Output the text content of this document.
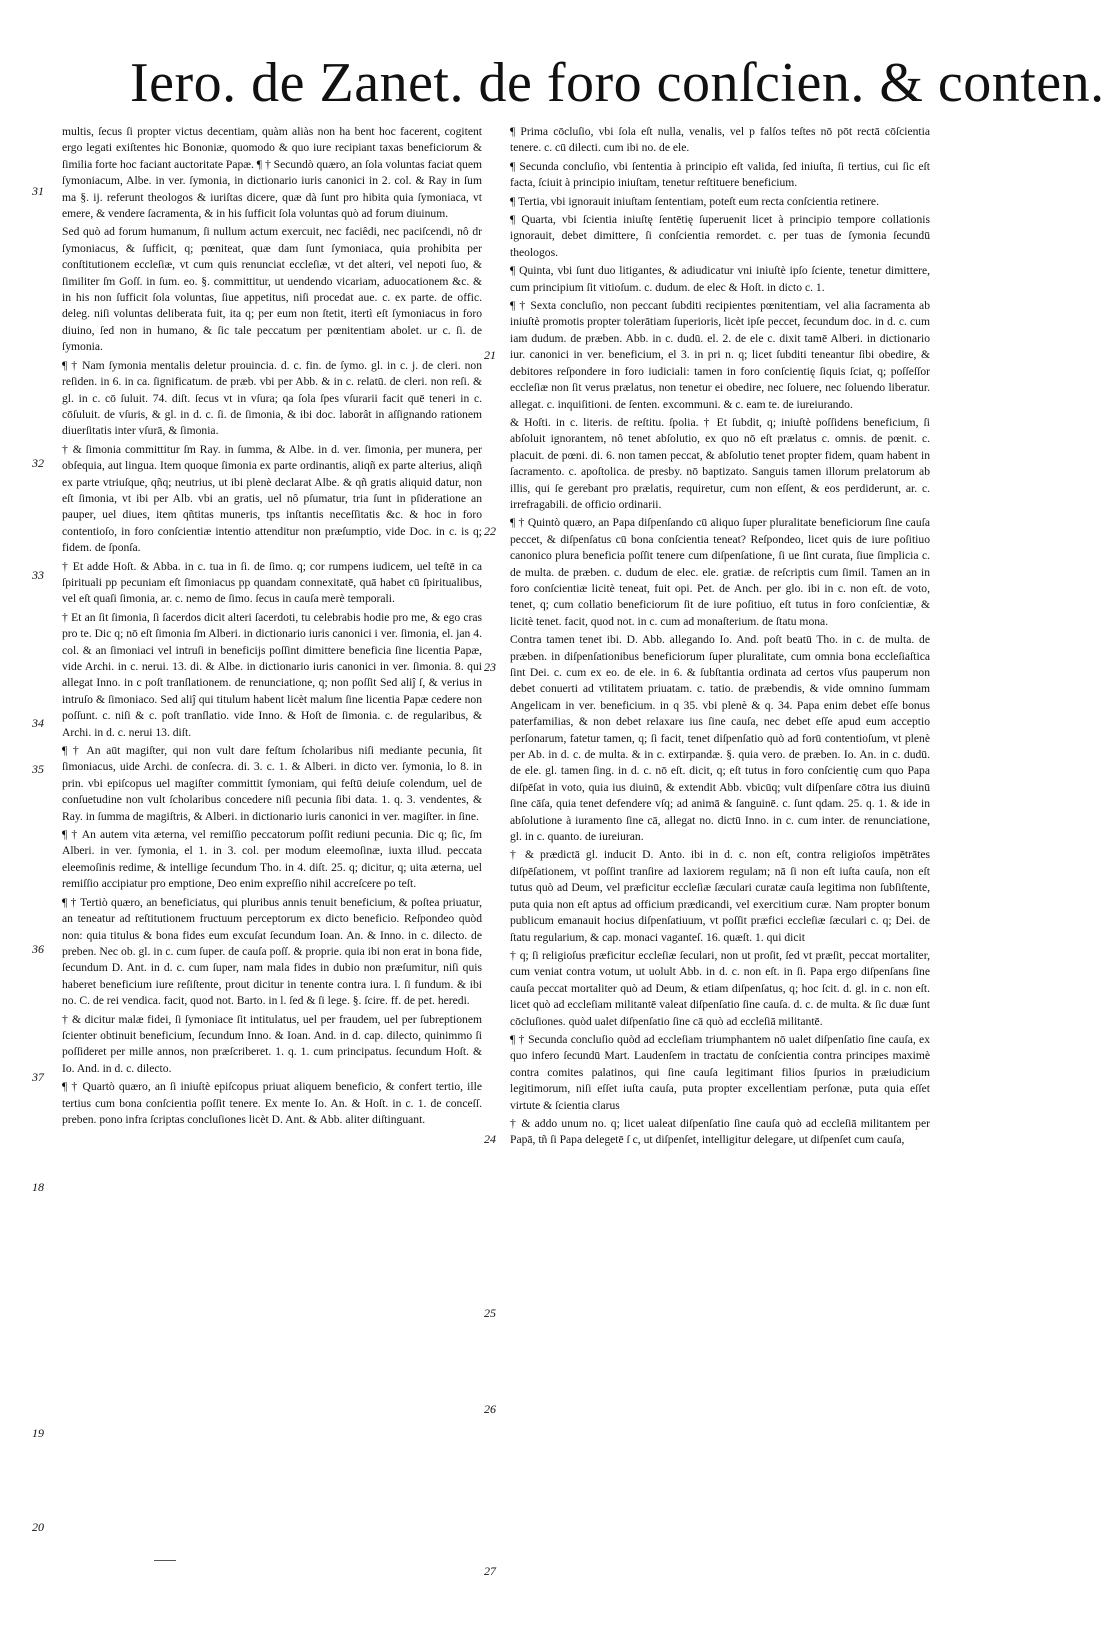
Iero. de Zanet. de foro conſcien. & conten.

multis, ſecus ſi propter victus decentiam, quàm aliàs non ha bent hoc facerent, cogitent ergo legati exiſtentes hic Bononiæ, quomodo & quo iure recipiant taxas beneficiorum & ſimilia forte hoc faciant auctoritate Papæ. ¶ † Secundò quæro, an ſola voluntas faciat quem ſymoniacum, Albe. in ver. ſymonia, in dictionario iuris canonici in 2. col. & Ray in ſum ma §. ij. referunt theologos & iuriſtas dicere, quæ dà ſunt pro hibita quia ſymoniaca, vt emere, & vendere ſacramenta, & in his ſufficit ſola voluntas quò ad forum diuinum.

Sed quò ad forum humanum, ſi nullum actum exercuit, nec faciêdi, nec paciſcendi, nô dr ſymoniacus, & ſufficit, q; pœniteat, quæ dam ſunt ſymoniaca, quia prohibita per conſtitutionem eccleſiæ, vt cum quis renunciat eccleſiæ, vt det alteri, vel nepoti ſuo, & ſimiliter ſm Goſſ. in ſum. eo. §. committitur, ut uendendo vicariam, aduocationem &c. & in his non ſufficit ſola voluntas, ſiue appetitus, niſi procedat aue. c. ex parte. de offic. deleg. niſi voluntas deliberata fuit, ita q; per eum non ſtetit, itertì eſt ſymoniacus in foro diuino, ſed non in humano, & ſic tale peccatum per pœnitentiam abolet. ur c. ſi. de ſymonia.

¶ † Nam ſymonia mentalis deletur prouincia. d. c. fin. de ſymo. gl. in c. j. de cleri. non reſiden. in 6. in ca. ſignificatum. de præb. vbi per Abb. & in c. relatū. de cleri. non reſi. & gl. in c. cō ſuluit. 74. diſt. ſecus vt in vſura; qa ſola ſpes vſurarii facit quē teneri in c. cōſuluit. de vſuris, & gl. in d. c. ſi. de ſimonia, & ibi doc. laborât in aſſignando rationem diuerſitatis inter vſurā, & ſimonia.

† & ſimonia committitur ſm Ray. in ſumma, & Albe. in d. ver. ſimonia, per munera, per obſequia, aut lingua. Item quoque ſimonia ex parte ordinantis, aliqñ ex parte alterius, aliqñ ex parte vtriuſque, qñq; neutrius, ut ibi plenè declarat Albe. & qñ gratis aliquid datur, non eſt ſimonia, vt ibi per Alb. vbi an gratis, uel nô pſumatur, tria ſunt in pſideratione an pauper, uel diues, item qñtitas muneris, tps inſtantis neceſſitatis &c. & hoc in foro contentioſo, in foro conſcientiæ intentio attenditur non præſumptio, vide Doc. in c. is q; fidem. de ſponſa.

† Et adde Hoſt. & Abba. in c. tua in ſi. de ſimo. q; cor rumpens iudicem, uel teſtē in ca ſpirituali pp pecuniam eſt ſimoniacus pp quandam connexitatē, quā habet cū ſpiritualibus, vel eſt quaſi ſimonia, ar. c. nemo de ſimo. ſecus in cauſa merè temporali.

† Et an ſit ſimonia, ſi ſacerdos dicit alteri ſacerdoti, tu celebrabis hodie pro me, & ego cras pro te. Dic q; nō eſt ſimonia ſm Alberi. in dictionario iuris canonici i ver. ſimonia, el. jan 4. col. & an ſimoniaci vel intruſi in beneficijs poſſint dimittere beneficia ſine licentia Papæ, vide Archi. in c. nerui. 13. di. & Albe. in dictionario iuris canonici in ver. ſimonia. 8. qui allegat Inno. in c poſt tranſlationem. de renunciatione, q; non poſſit Sed aliĵ ſ, & verius in intruſo & ſimoniaco. Sed aliĵ qui titulum habent licèt malum ſine licentia Papæ cedere non poſſunt. c. niſi & c. poſt tranſlatio. vide Inno. & Hoſt de ſimonia. c. de regularibus, & Archi. in d. c. nerui 13. diſt.

¶ † An aūt magiſter, qui non vult dare feſtum ſcholaribus niſi mediante pecunia, ſit ſimoniacus, uide Archi. de conſecra. di. 3. c. 1. & Alberi. in dicto ver. ſymonia, lo 8. in prin. vbi epiſcopus uel magiſter committit ſymoniam, qui feſtū deiuſe colendum, uel de conſuetudine non vult ſcholaribus concedere niſi pecunia ſibi data. 1. q. 3. vendentes, & Ray. in ſumma de magiſtris, & Alberi. in dictionario iuris canonici in ver. magiſter. in ſine.

¶ † An autem vita æterna, vel remiſſio peccatorum poſſit rediuni pecunia. Dic q; ſic, ſm Alberi. in ver. ſymonia, el 1. in 3. col. per modum eleemoſinæ, iuxta illud. peccata eleemoſinis redime, & intellige ſecundum Tho. in 4. diſt. 25. q; dicitur, q; uita æterna, uel remiſſio accipiatur pro emptione, Deo enim expreſſio nihil accreſcere po teſt.

¶ † Tertiò quæro, an beneficiatus, qui pluribus annis tenuit beneficium, & poſtea priuatur, an teneatur ad reſtitutionem fructuum perceptorum ex dicto beneficio. Reſpondeo quòd non: quia titulus & bona fides eum excuſat ſecundum Ioan. An. & Inno. in c. dilecto. de preben. Nec ob. gl. in c. cum ſuper. de cauſa poſſ. & proprie. quia ibi non erat in bona fide, ſecundum D. Ant. in d. c. cum ſuper, nam mala fides in dubio non præſumitur, niſi quis haberet beneficium iure reſiſtente, prout dicitur in tenente contra iura. l. ſi fundum. & ibi no. C. de rei vendica. facit, quod not. Barto. in l. ſed & ſi lege. §. ſcire. ff. de pet. heredi.

† & dicitur malæ fidei, ſi ſymoniace ſit intitulatus, uel per fraudem, uel per ſubreptionem ſcienter obtinuit beneficium, ſecundum Inno. & Ioan. And. in d. cap. dilecto, quinimmo ſi poſſideret per mille annos, non præſcriberet. 1. q. 1. cum principatus. ſecundum Hoſt. & Io. And. in d. c. dilecto.

¶ † Quartò quæro, an ſi iniuſtè epiſcopus priuat aliquem beneficio, & confert tertio, ille tertius cum bona conſcientia poſſit tenere. Ex mente Io. An. & Hoſt. in c. 1. de conceſſ. preben. pono infra ſcriptas concluſiones licèt D. Ant. & Abb. aliter diſtinguant.

¶ Prima cōcluſio, vbi ſola eſt nulla, venalis, vel p falſos teſtes nō pōt rectā cōſcientia tenere. c. cū dilecti. cum ibi no. de ele.

¶ Secunda concluſio, vbi ſententia à principio eſt valida, ſed iniuſta, ſi tertius, cui ſic eſt facta, ſciuit à principio iniuſtam, tenetur reſtituere beneficium.

¶ Tertia, vbi ignorauit iniuſtam ſententiam, poteſt eum recta conſcientia retinere.

¶ Quarta, vbi ſcientia iniuſtę ſentētię ſuperuenit licet à principio tempore collationis ignorauit, debet dimittere, ſi conſcientia remordet. c. per tuas de ſymonia ſecundū theologos.

¶ Quinta, vbi ſunt duo litigantes, & adiudicatur vni iniuſtè ipſo ſciente, tenetur dimittere, cum principium ſit vitioſum. c. dudum. de elec & Hoſt. in dicto c. 1.

¶ † Sexta concluſio, non peccant ſubditi recipientes pœnitentiam, vel alia ſacramenta ab iniuſtè promotis propter tolerātiam ſuperioris, licèt ipſe peccet, ſecundum doc. in d. c. cum iam dudum. de præben. Abb. in c. dudū. el. 2. de ele c. dixit tamē Alberi. in dictionario iur. canonici in ver. beneficium, el 3. in pri n. q; licet ſubditi teneantur ſibi obedire, & debitores reſpondere in foro iudiciali: tamen in foro conſcientię ſiquis ſciat, q; poſſeſſor eccleſiæ non ſit verus prælatus, non tenetur ei obedire, nec ſoluere, nec ſoluendo liberatur. allegat. c. inquiſitioni. de ſenten. excommuni. & c. eam te. de iureiurando.

& Hoſti. in c. literis. de reſtitu. ſpolia. † Et ſubdit, q; iniuſtè poſſidens beneficium, ſi abſoluit ignorantem, nô tenet abſolutio, ex quo nō eſt prælatus c. omnis. de pœnit. c. placuit. de pœni. di. 6. non tamen peccat, & abſolutio tenet propter fidem, quam habent in ſacramento. c. apoſtolica. de presby. nō baptizato. Sanguis tamen illorum prelatorum ab illis, qui ſe gerebant pro prælatis, requiretur, cum non eſſent, & eos perdiderunt, ar. c. irrefragabili. de officio ordinarii.

¶ † Quintò quæro, an Papa diſpenſando cū aliquo ſuper pluralitate beneficiorum ſine cauſa peccet, & diſpenſatus cū bona conſcientia teneat? Reſpondeo, licet quis de iure poſitiuo canonico plura beneficia poſſit tenere cum diſpenſatione, ſi ue ſint curata, ſiue ſimplicia c. de multa. de præben. c. dudum de elec. ele. gratiæ. de reſcriptis cum ſimil. Tamen an in foro conſcientiæ licitè teneat, fuit opi. Pet. de Anch. per glo. ibi in c. non eſt. de voto, tenet, q; cum collatio beneficiorum ſit de iure poſitiuo, eſt tutus in foro conſcientiæ, & licitè tenet. facit, quod not. in c. cum ad monaſterium. de ſtatu mona.

Contra tamen tenet ibi. D. Abb. allegando Io. And. poſt beatū Tho. in c. de multa. de præben. in diſpenſationibus beneficiorum ſuper pluralitate, cum omnia bona eccleſiaſtica ſint Dei. c. cum ex eo. de ele. in 6. & ſubſtantia ordinata ad certos vſus pauperum non debet conuerti ad vtilitatem priuatam. c. tatio. de præbendis, & vide omnino ſummam Angelicam in ver. beneficium. in q 35. vbi plenè & q. 34. Papa enim debet eſſe bonus paterfamilias, & non debet relaxare ius ſine cauſa, nec debet eſſe apud eum acceptio perſonarum, fatetur tamen, q; ſi facit, tenet diſpenſatio quò ad forū contentioſum, vt plenè per Ab. in d. c. de multa. & in c. extirpandæ. §. quia vero. de præben. Io. An. in c. dudū. de ele. gl. tamen ſing. in d. c. nō eſt. dicit, q; eſt tutus in foro conſcientię cum quo Papa diſpēſat in voto, quia ius diuinū, & extendit Abb. vbicūq; vult diſpenſare cōtra ius diuinū ſine cāſa, quia tenet defendere vſq; ad animā & ſanguinē. c. ſunt qdam. 25. q. 1. & ide in abſolutione à iuramento ſine cā, allegat no. dictū Inno. in c. cum inter. de renunciatione, gl. in c. quanto. de iureiuran.

† & prædictā gl. inducit D. Anto. ibi in d. c. non eſt, contra religioſos impētrātes diſpēſationem, vt poſſint tranſire ad laxiorem regulam; nā ſi non eſt iuſta cauſa, non eſt tutus quò ad Deum, vel præficitur eccleſiæ ſæculari curatæ cauſa legitima non ſubſiſtente, puta quia non eſt aptus ad officium prædicandi, vel exercitium curæ. Nam propter bonum publicum emanauit hocius diſpenſatiuum, vt poſſit præfici eccleſiæ ſæculari c. q; Dei. de ſtatu regularium, & cap. monaci vaganteſ. 16. quæſt. 1. qui dicit

† q; ſi religioſus præficitur eccleſiæ ſeculari, non ut proſit, ſed vt præſit, peccat mortaliter, cum veniat contra votum, ut uolult Abb. in d. c. non eſt. in ſi. Papa ergo diſpenſans ſine cauſa peccat mortaliter quò ad Deum, & etiam diſpenſatus, q; hoc ſcit. d. gl. in c. non eſt. licet quò ad eccleſiam militantē valeat diſpenſatio ſine cauſa. d. c. de multa. & ſic duæ ſunt cōcluſiones. quòd ualet diſpenſatio ſine cā quò ad eccleſiā militantē.

¶ † Secunda concluſio quòd ad eccleſiam triumphantem nō ualet diſpenſatio ſine cauſa, ex quo infero ſecundū Mart. Laudenſem in tractatu de conſcientia contra principes maximè contra comites palatinos, qui ſine cauſa legitimant filios ſpurios in præiudicium legitimorum, niſi eſſet iuſta cauſa, puta propter excellentiam perſonæ, puta quia eſſet virtute & ſcientia clarus

† & addo unum no. q; licet ualeat diſpenſatio ſine cauſa quò ad eccleſiā militantem per Papā, tñ ſi Papa delegetē ſ c, ut diſpenſet, intelligitur delegare, ut diſpenſet cum cauſa,

31
32
33
34
35
36
37
18
19
20
21
22
23
24
25
26
27
